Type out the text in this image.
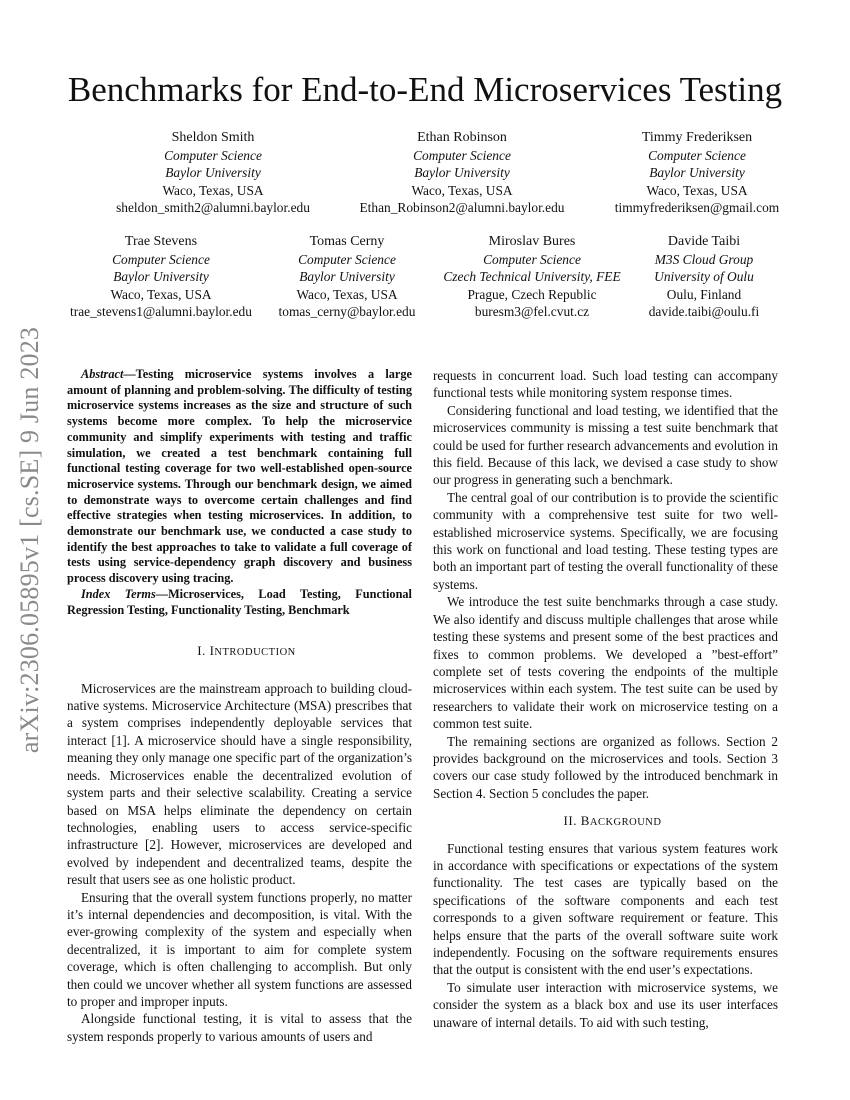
arXiv:2306.05895v1 [cs.SE] 9 Jun 2023
Benchmarks for End-to-End Microservices Testing
Sheldon Smith
Computer Science
Baylor University
Waco, Texas, USA
sheldon_smith2@alumni.baylor.edu
Ethan Robinson
Computer Science
Baylor University
Waco, Texas, USA
Ethan_Robinson2@alumni.baylor.edu
Timmy Frederiksen
Computer Science
Baylor University
Waco, Texas, USA
timmyfrederiksen@gmail.com
Trae Stevens
Computer Science
Baylor University
Waco, Texas, USA
trae_stevens1@alumni.baylor.edu
Tomas Cerny
Computer Science
Baylor University
Waco, Texas, USA
tomas_cerny@baylor.edu
Miroslav Bures
Computer Science
Czech Technical University, FEE
Prague, Czech Republic
buresm3@fel.cvut.cz
Davide Taibi
M3S Cloud Group
University of Oulu
Oulu, Finland
davide.taibi@oulu.fi

Abstract—Testing microservice systems involves a large amount of planning and problem-solving. The difficulty of testing microservice systems increases as the size and structure of such systems become more complex. To help the microservice community and simplify experiments with testing and traffic simulation, we created a test benchmark containing full functional testing coverage for two well-established open-source microservice systems. Through our benchmark design, we aimed to demonstrate ways to overcome certain challenges and find effective strategies when testing microservices. In addition, to demonstrate our benchmark use, we conducted a case study to identify the best approaches to take to validate a full coverage of tests using service-dependency graph discovery and business process discovery using tracing.

Index Terms—Microservices, Load Testing, Functional Regression Testing, Functionality Testing, Benchmark

I. INTRODUCTION

Microservices are the mainstream approach to building cloud-native systems. Microservice Architecture (MSA) prescribes that a system comprises independently deployable services that interact [1]. A microservice should have a single responsibility, meaning they only manage one specific part of the organization’s needs. Microservices enable the decentralized evolution of system parts and their selective scalability. Creating a service based on MSA helps eliminate the dependency on certain technologies, enabling users to access service-specific infrastructure [2]. However, microservices are developed and evolved by independent and decentralized teams, despite the result that users see as one holistic product.

Ensuring that the overall system functions properly, no matter it’s internal dependencies and decomposition, is vital. With the ever-growing complexity of the system and especially when decentralized, it is important to aim for complete system coverage, which is often challenging to accomplish. But only then could we uncover whether all system functions are assessed to proper and improper inputs.

Alongside functional testing, it is vital to assess that the system responds properly to various amounts of users and

requests in concurrent load. Such load testing can accompany functional tests while monitoring system response times.

Considering functional and load testing, we identified that the microservices community is missing a test suite benchmark that could be used for further research advancements and evolution in this field. Because of this lack, we devised a case study to show our progress in generating such a benchmark.

The central goal of our contribution is to provide the scientific community with a comprehensive test suite for two well-established microservice systems. Specifically, we are focusing this work on functional and load testing. These testing types are both an important part of testing the overall functionality of these systems.

We introduce the test suite benchmarks through a case study. We also identify and discuss multiple challenges that arose while testing these systems and present some of the best practices and fixes to common problems. We developed a ”best-effort” complete set of tests covering the endpoints of the multiple microservices within each system. The test suite can be used by researchers to validate their work on microservice testing on a common test suite.

The remaining sections are organized as follows. Section 2 provides background on the microservices and tools. Section 3 covers our case study followed by the introduced benchmark in Section 4. Section 5 concludes the paper.

II. BACKGROUND

Functional testing ensures that various system features work in accordance with specifications or expectations of the system functionality. The test cases are typically based on the specifications of the software components and each test corresponds to a given software requirement or feature. This helps ensure that the parts of the overall software suite work independently. Focusing on the software requirements ensures that the output is consistent with the end user’s expectations.

To simulate user interaction with microservice systems, we consider the system as a black box and use its user interfaces unaware of internal details. To aid with such testing,
